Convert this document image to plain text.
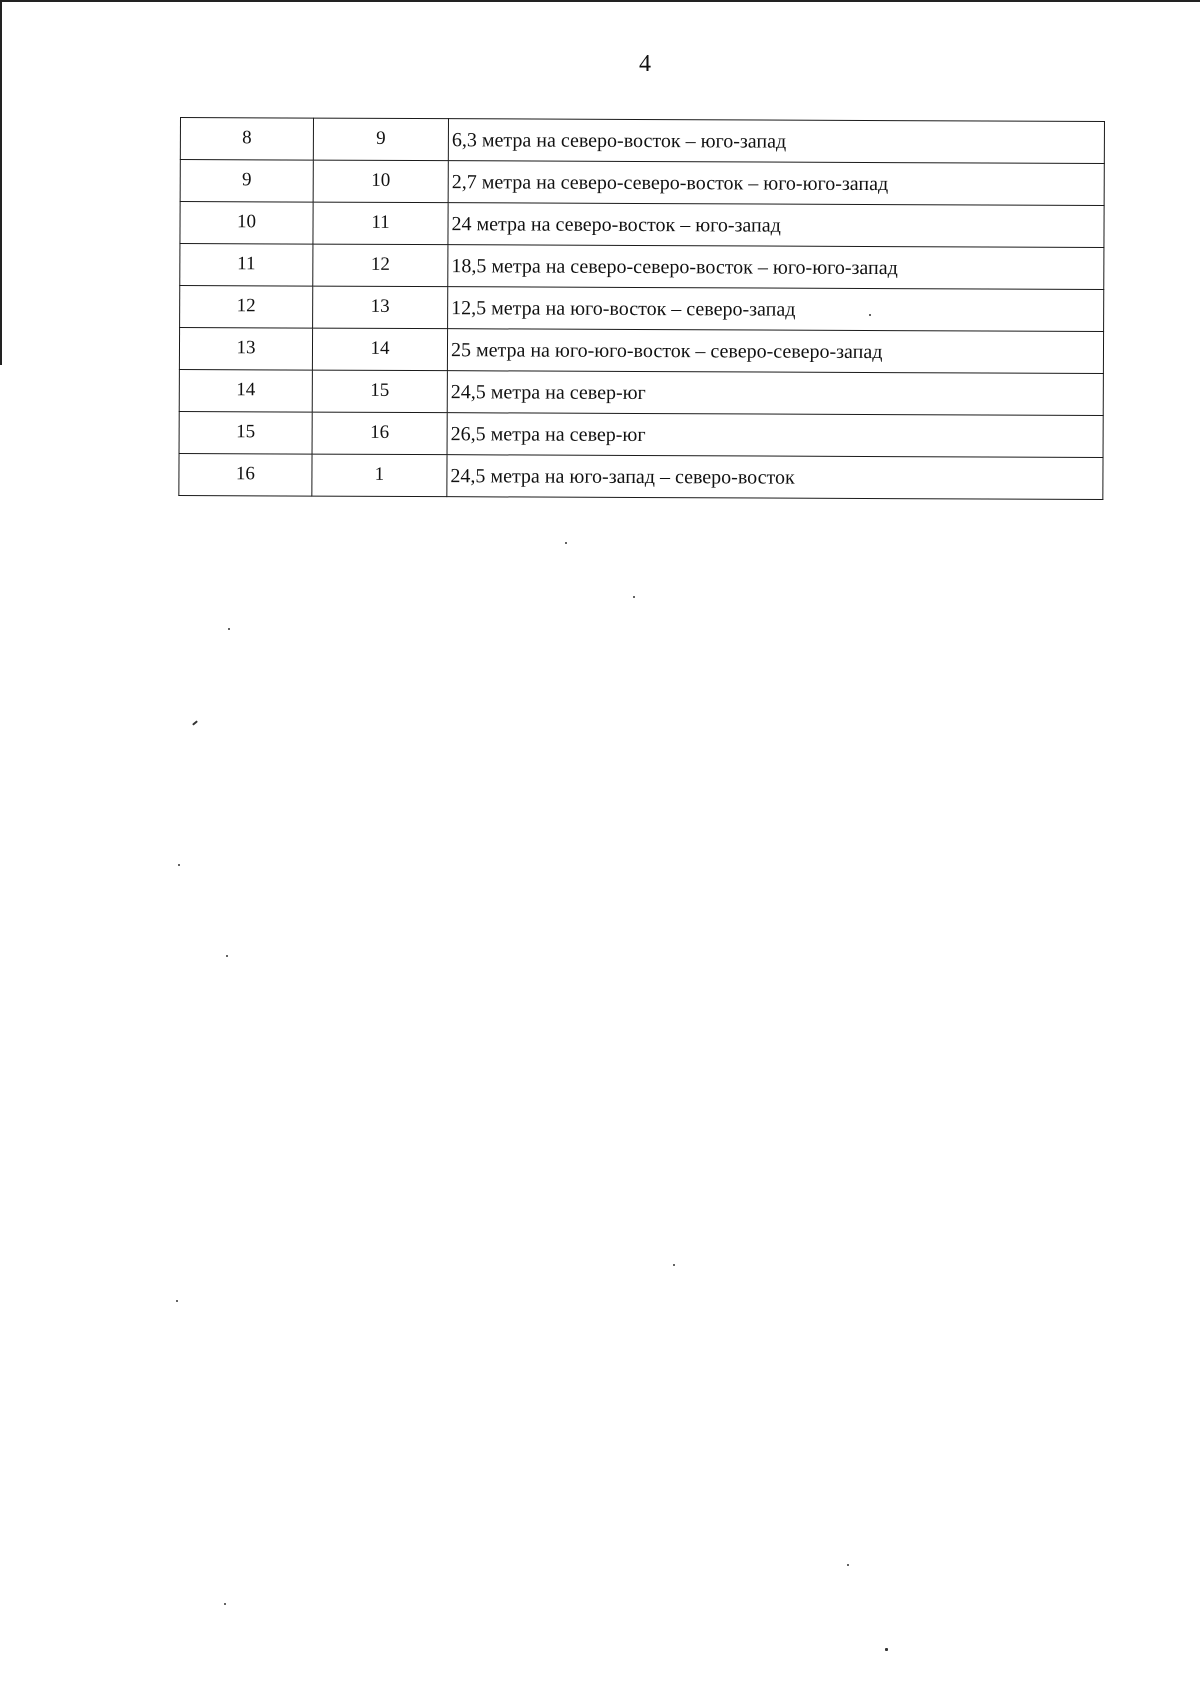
4
8	9	6,3 метра на северо-восток – юго-запад
9	10	2,7 метра на северо-северо-восток – юго-юго-запад
10	11	24 метра на северо-восток – юго-запад
11	12	18,5 метра на северо-северо-восток – юго-юго-запад
12	13	12,5 метра на юго-восток – северо-запад
13	14	25 метра на юго-юго-восток – северо-северо-запад
14	15	24,5 метра на север-юг
15	16	26,5 метра на север-юг
16	1	24,5 метра на юго-запад – северо-восток
